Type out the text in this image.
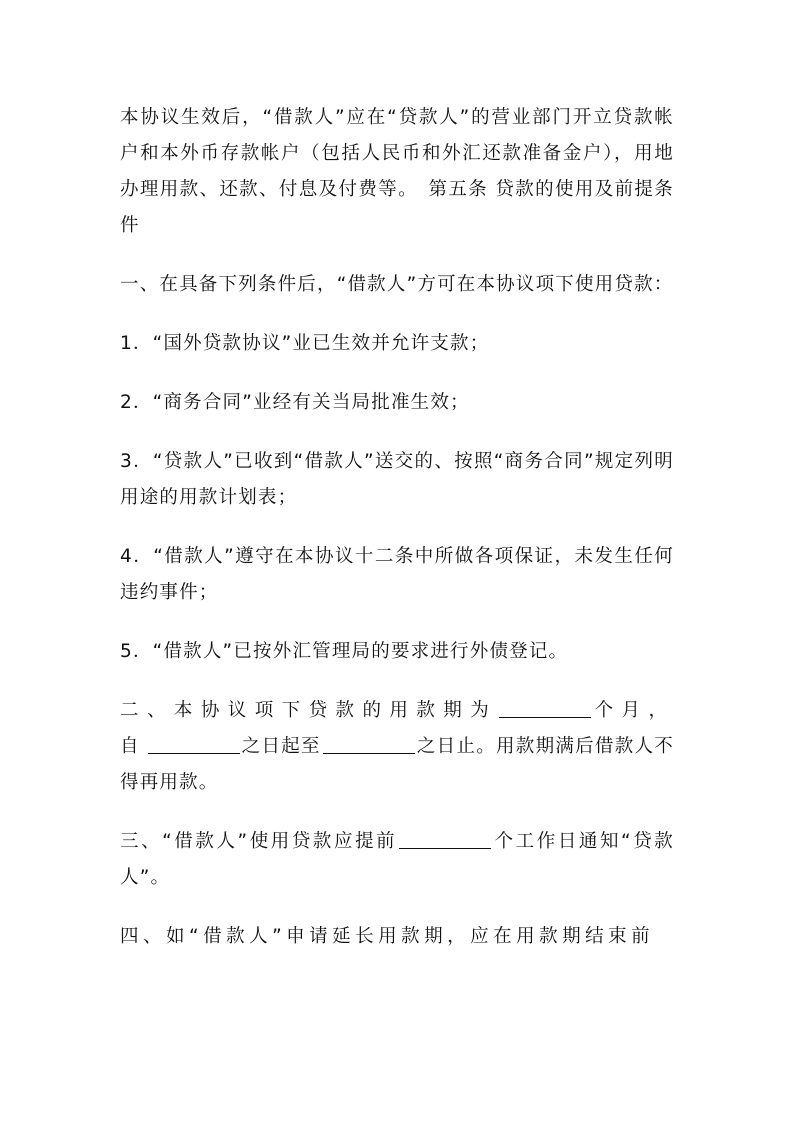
本协议生效后，“借款人”应在“贷款人”的营业部门开立贷款帐户和本外币存款帐户（包括人民币和外汇还款准备金户），用地办理用款、还款、付息及付费等。　第五条 贷款的使用及前提条件

一、在具备下列条件后，“借款人”方可在本协议项下使用贷款：

1．“国外贷款协议”业已生效并允许支款；

2．“商务合同”业经有关当局批准生效；

3．“贷款人”已收到“借款人”送交的、按照“商务合同”规定列明用途的用款计划表；

4．“借款人”遵守在本协议十二条中所做各项保证，未发生任何违约事件；

5．“借款人”已按外汇管理局的要求进行外债登记。

二、本协议项下贷款的用款期为	个月，自	之日起至	之日止。用款期满后借款人不得再用款。

三、“借款人”使用贷款应提前	个工作日通知“贷款人”。

四、如“借款人”申请延长用款期，应在用款期结束前
